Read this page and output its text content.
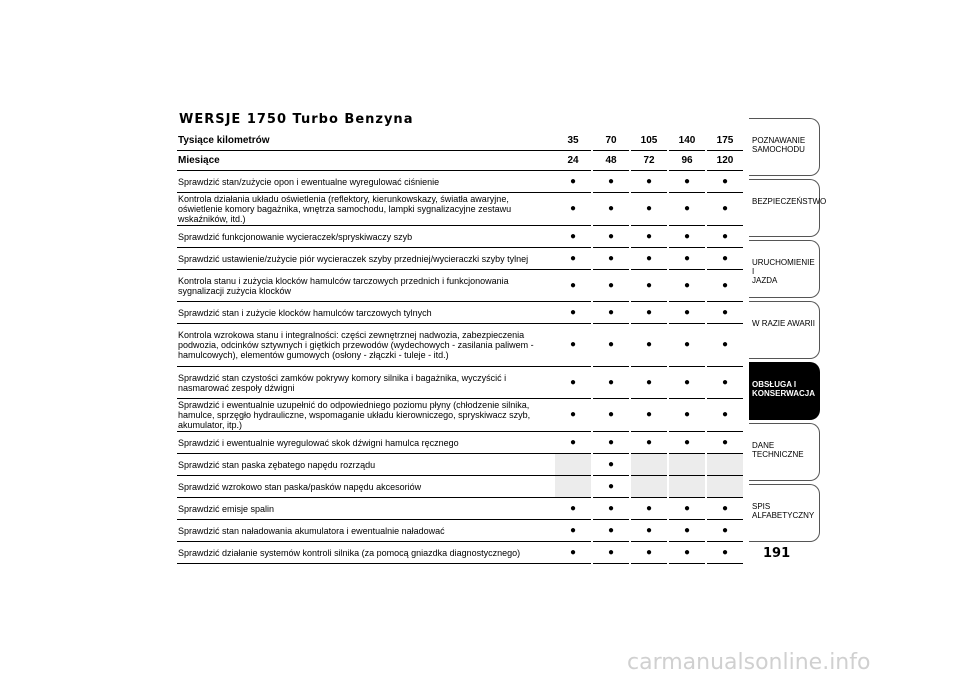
WERSJE 1750 Turbo Benzyna
Tysiące kilometrów	35		70		105		140		175
Miesiące	24		48		72		96		120
Sprawdzić stan/zużycie opon i ewentualne wyregulować ciśnienie	●		●		●		●		●
Kontrola działania układu oświetlenia (reflektory, kierunkowskazy, światła awaryjne, oświetlenie komory bagażnika, wnętrza samochodu, lampki sygnalizacyjne zestawu wskaźników, itd.)	●		●		●		●		●
Sprawdzić funkcjonowanie wycieraczek/spryskiwaczy szyb	●		●		●		●		●
Sprawdzić ustawienie/zużycie piór wycieraczek szyby przedniej/wycieraczki szyby tylnej	●		●		●		●		●
Kontrola stanu i zużycia klocków hamulców tarczowych przednich i funkcjonowania sygnalizacji zużycia klocków	●		●		●		●		●
Sprawdzić stan i zużycie klocków hamulców tarczowych tylnych	●		●		●		●		●
Kontrola wzrokowa stanu i integralności: części zewnętrznej nadwozia, zabezpieczenia podwozia, odcinków sztywnych i giętkich przewodów (wydechowych - zasilania paliwem - hamulcowych), elementów gumowych (osłony - złączki - tuleje - itd.)	●		●		●		●		●
Sprawdzić stan czystości zamków pokrywy komory silnika i bagażnika, wyczyścić i nasmarować zespoły dźwigni	●		●		●		●		●
Sprawdzić i ewentualnie uzupełnić do odpowiedniego poziomu płyny (chłodzenie silnika, hamulce, sprzęgło hydrauliczne, wspomaganie układu kierowniczego, spryskiwacz szyb, akumulator, itp.)	●		●		●		●		●
Sprawdzić i ewentualnie wyregulować skok dźwigni hamulca ręcznego	●		●		●		●		●
Sprawdzić stan paska zębatego napędu rozrządu			●						
Sprawdzić wzrokowo stan paska/pasków napędu akcesoriów			●						
Sprawdzić emisje spalin	●		●		●		●		●
Sprawdzić stan naładowania akumulatora i ewentualnie naładować	●		●		●		●		●
Sprawdzić działanie systemów kontroli silnika (za pomocą gniazdka diagnostycznego)	●		●		●		●		●
POZNAWANIE
SAMOCHODU
BEZPIECZEŃSTWO
URUCHOMIENIE I
JAZDA
W RAZIE AWARII
OBSŁUGA I
KONSERWACJA
DANE TECHNICZNE
SPIS ALFABETYCZNY
191
carmanualsonline.info
